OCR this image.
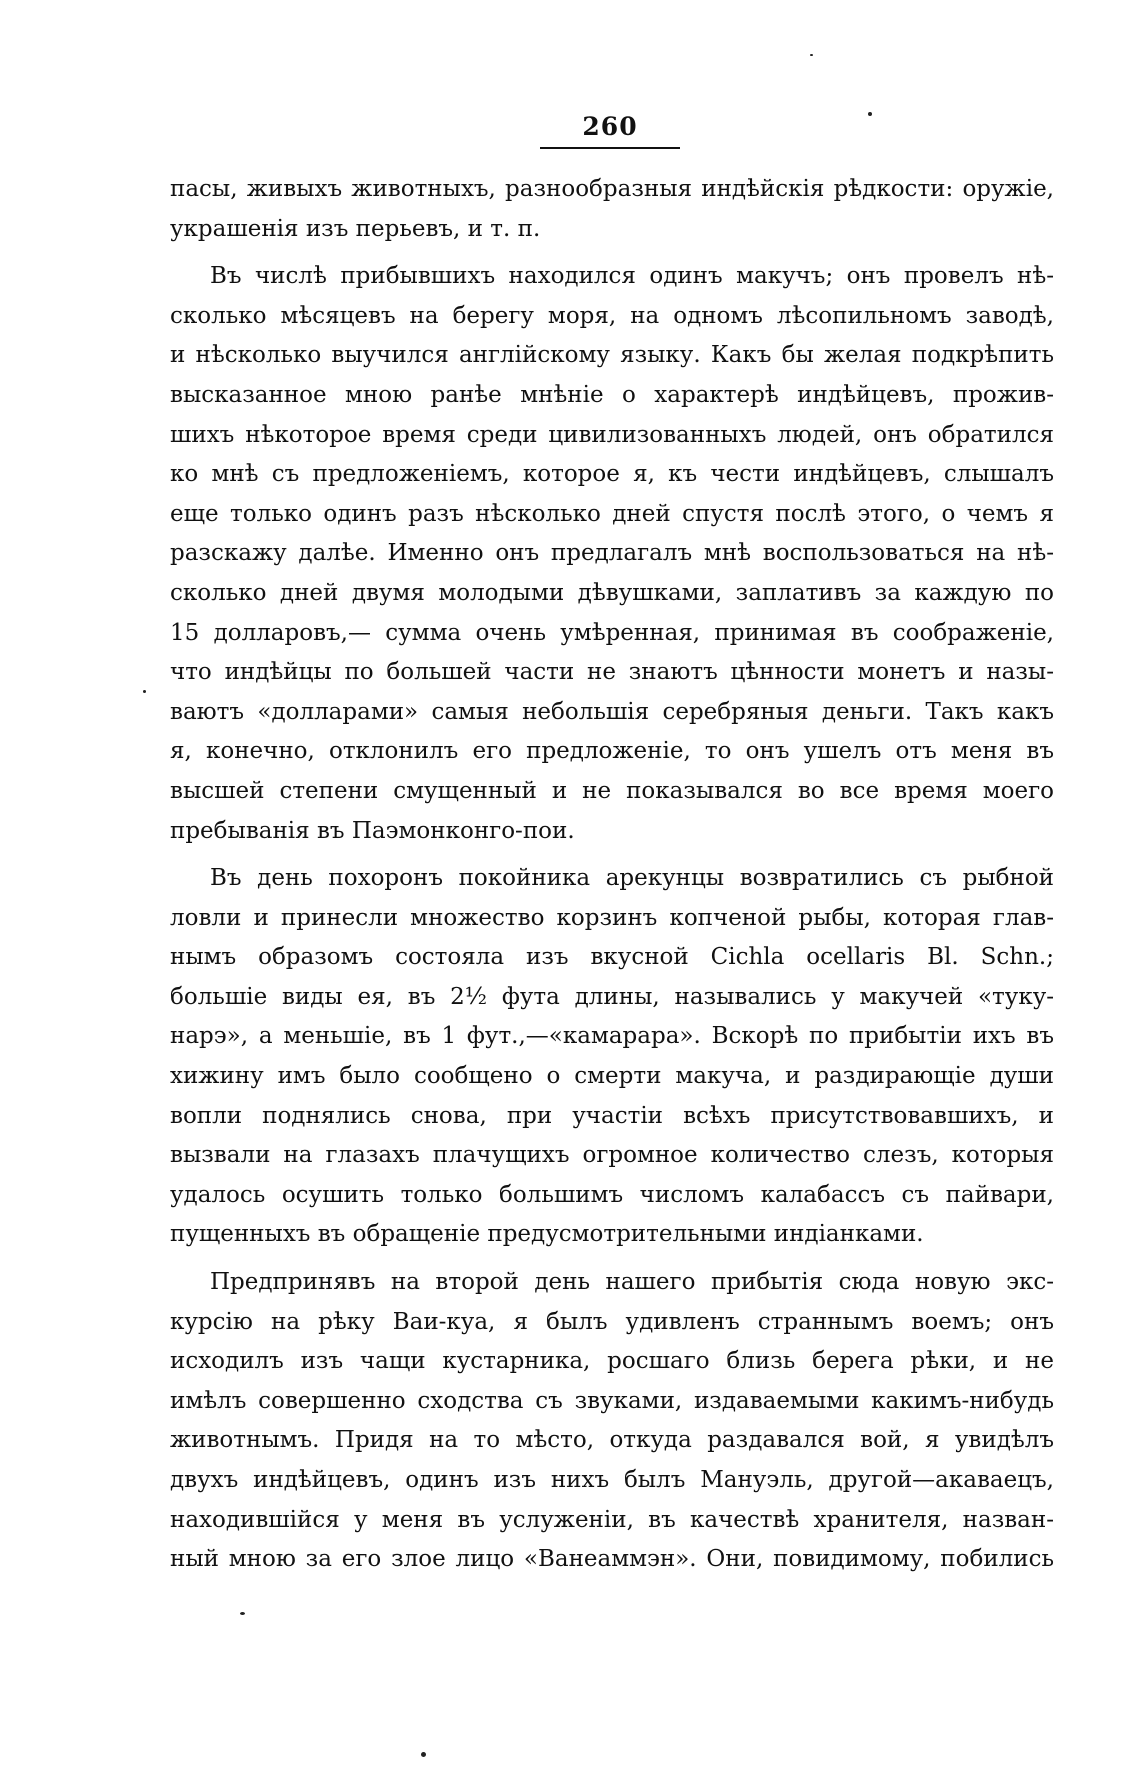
260
пасы, живыхъ животныхъ, разнообразныя индѣйскія рѣдкости: оружіе,
украшенія изъ перьевъ, и т. п.
Въ числѣ прибывшихъ находился одинъ макучъ; онъ провелъ нѣ-
сколько мѣсяцевъ на берегу моря, на одномъ лѣсопильномъ заводѣ,
и нѣсколько выучился англійскому языку. Какъ бы желая подкрѣпить
высказанное мною ранѣе мнѣніе о характерѣ индѣйцевъ, прожив-
шихъ нѣкоторое время среди цивилизованныхъ людей, онъ обратился
ко мнѣ съ предложеніемъ, которое я, къ чести индѣйцевъ, слышалъ
еще только одинъ разъ нѣсколько дней спустя послѣ этого, о чемъ я
разскажу далѣе. Именно онъ предлагалъ мнѣ воспользоваться на нѣ-
сколько дней двумя молодыми дѣвушками, заплативъ за каждую по
15 долларовъ,— сумма очень умѣренная, принимая въ соображеніе,
что индѣйцы по большей части не знаютъ цѣнности монетъ и назы-
ваютъ «долларами» самыя небольшія серебряныя деньги. Такъ какъ
я, конечно, отклонилъ его предложеніе, то онъ ушелъ отъ меня въ
высшей степени смущенный и не показывался во все время моего
пребыванія въ Паэмонконго-пои.
Въ день похоронъ покойника арекунцы возвратились съ рыбной
ловли и принесли множество корзинъ копченой рыбы, которая глав-
нымъ образомъ состояла изъ вкусной Cichla ocellaris Bl. Schn.;
большіе виды ея, въ 2½ фута длины, назывались у макучей «туку-
нарэ», а меньшіе, въ 1 фут.,—«камарара». Вскорѣ по прибытіи ихъ въ
хижину имъ было сообщено о смерти макуча, и раздирающіе души
вопли поднялись снова, при участіи всѣхъ присутствовавшихъ, и
вызвали на глазахъ плачущихъ огромное количество слезъ, которыя
удалось осушить только большимъ числомъ калабассъ съ пайвари,
пущенныхъ въ обращеніе предусмотрительными индіанками.
Предпринявъ на второй день нашего прибытія сюда новую экс-
курсію на рѣку Ваи-куа, я былъ удивленъ страннымъ воемъ; онъ
исходилъ изъ чащи кустарника, росшаго близь берега рѣки, и не
имѣлъ совершенно сходства съ звуками, издаваемыми какимъ-нибудь
животнымъ. Придя на то мѣсто, откуда раздавался вой, я увидѣлъ
двухъ индѣйцевъ, одинъ изъ нихъ былъ Мануэль, другой—акаваецъ,
находившійся у меня въ услуженіи, въ качествѣ хранителя, назван-
ный мною за его злое лицо «Ванеаммэн». Они, повидимому, побились
